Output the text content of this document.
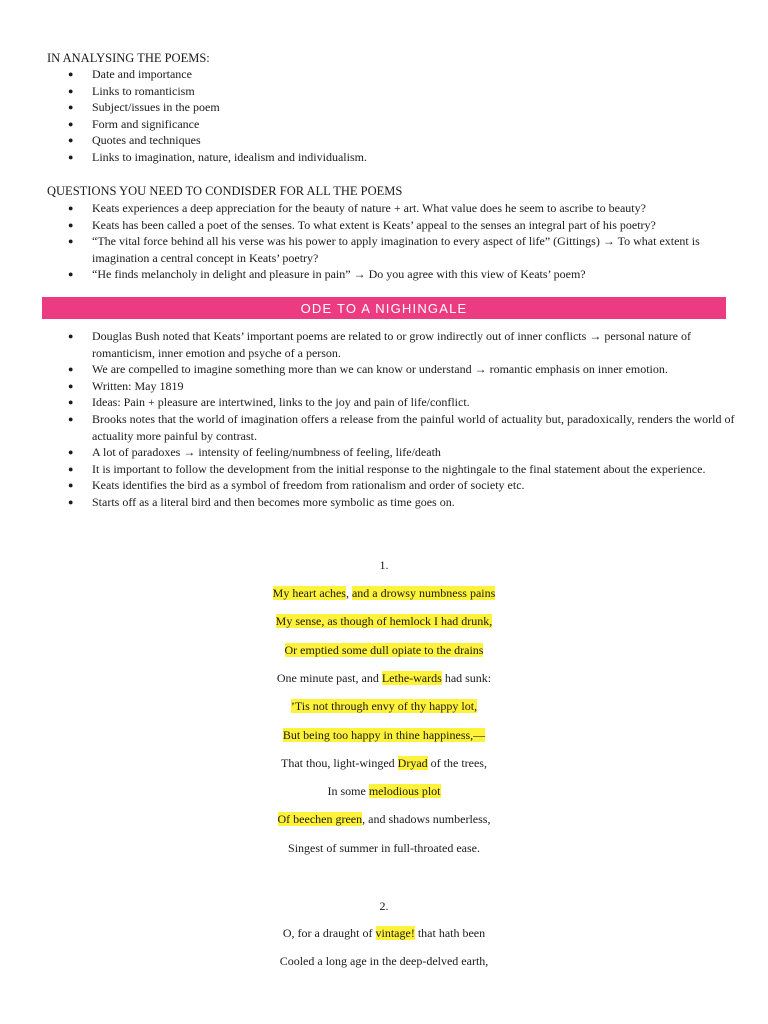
IN ANALYSING THE POEMS:
● Date and importance
● Links to romanticism
● Subject/issues in the poem
● Form and significance
● Quotes and techniques
● Links to imagination, nature, idealism and individualism.
QUESTIONS YOU NEED TO CONDISDER FOR ALL THE POEMS
● Keats experiences a deep appreciation for the beauty of nature + art. What value does he seem to ascribe to beauty?
● Keats has been called a poet of the senses. To what extent is Keats’ appeal to the senses an integral part of his poetry?
● “The vital force behind all his verse was his power to apply imagination to every aspect of life” (Gittings) → To what extent is imagination a central concept in Keats’ poetry?
● “He finds melancholy in delight and pleasure in pain” → Do you agree with this view of Keats’ poem?
ODE TO A NIGHINGALE
● Douglas Bush noted that Keats’ important poems are related to or grow indirectly out of inner conflicts → personal nature of romanticism, inner emotion and psyche of a person.
● We are compelled to imagine something more than we can know or understand → romantic emphasis on inner emotion.
● Written: May 1819
● Ideas: Pain + pleasure are intertwined, links to the joy and pain of life/conflict.
● Brooks notes that the world of imagination offers a release from the painful world of actuality but, paradoxically, renders the world of actuality more painful by contrast.
● A lot of paradoxes → intensity of feeling/numbness of feeling, life/death
● It is important to follow the development from the initial response to the nightingale to the final statement about the experience.
● Keats identifies the bird as a symbol of freedom from rationalism and order of society etc.
● Starts off as a literal bird and then becomes more symbolic as time goes on.
1.
My heart aches, and a drowsy numbness pains
My sense, as though of hemlock I had drunk,
Or emptied some dull opiate to the drains
One minute past, and Lethe-wards had sunk:
’Tis not through envy of thy happy lot,
But being too happy in thine happiness,—
That thou, light-winged Dryad of the trees,
In some melodious plot
Of beechen green, and shadows numberless,
Singest of summer in full-throated ease.
2.
O, for a draught of vintage! that hath been
Cooled a long age in the deep-delved earth,
